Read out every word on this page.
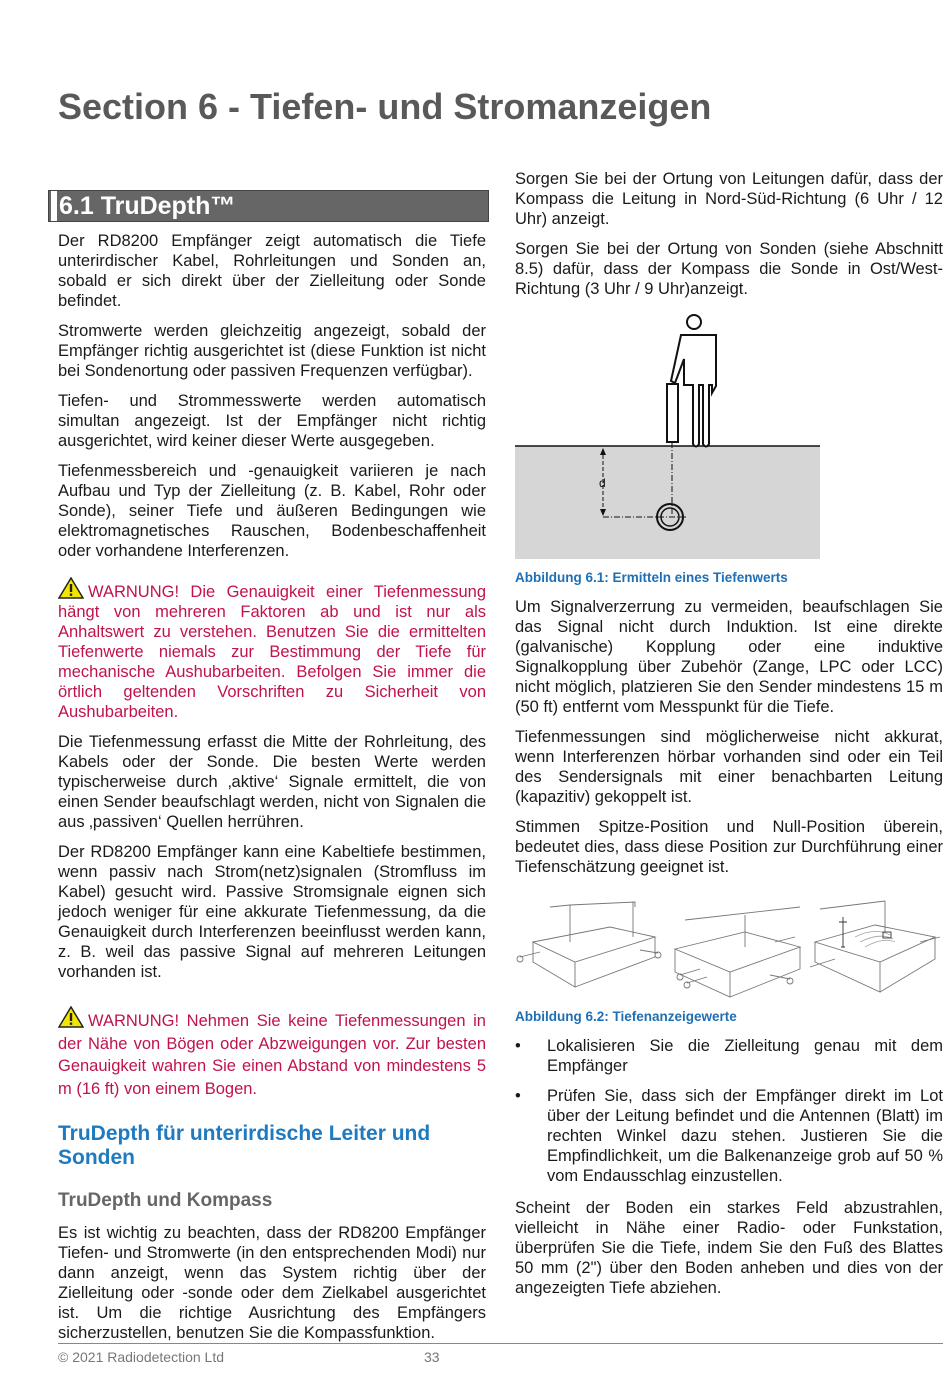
Section 6 - Tiefen- und Stromanzeigen
6.1 TruDepth™

Der RD8200 Empfänger zeigt automatisch die Tiefe unterirdischer Kabel, Rohrleitungen und Sonden an, sobald er sich direkt über der Zielleitung oder Sonde befindet.

Stromwerte werden gleichzeitig angezeigt, sobald der Empfänger richtig ausgerichtet ist (diese Funktion ist nicht bei Sondenortung oder passiven Frequenzen verfügbar).

Tiefen- und Strommesswerte werden automatisch simultan angezeigt. Ist der Empfänger nicht richtig ausgerichtet, wird keiner dieser Werte ausgegeben.

Tiefenmessbereich und -genauigkeit variieren je nach Aufbau und Typ der Zielleitung (z. B. Kabel, Rohr oder Sonde), seiner Tiefe und äußeren Bedingungen wie elektromagnetisches Rauschen, Bodenbeschaffenheit oder vorhandene Interferenzen.

WARNUNG! Die Genauigkeit einer Tiefenmessung hängt von mehreren Faktoren ab und ist nur als Anhaltswert zu verstehen. Benutzen Sie die ermittelten Tiefenwerte niemals zur Bestimmung der Tiefe für mechanische Aushubarbeiten. Befolgen Sie immer die örtlich geltenden Vorschriften zu Sicherheit von Aushubarbeiten.

Die Tiefenmessung erfasst die Mitte der Rohrleitung, des Kabels oder der Sonde. Die besten Werte werden typischerweise durch ‚aktive‘ Signale ermittelt, die von einen Sender beaufschlagt werden, nicht von Signalen die aus ‚passiven‘ Quellen herrühren.

Der RD8200 Empfänger kann eine Kabeltiefe bestimmen, wenn passiv nach Strom(netz)signalen (Stromfluss im Kabel) gesucht wird. Passive Stromsignale eignen sich jedoch weniger für eine akkurate Tiefenmessung, da die Genauigkeit durch Interferenzen beeinflusst werden kann, z. B. weil das passive Signal auf mehreren Leitungen vorhanden ist.

WARNUNG! Nehmen Sie keine Tiefenmessungen in der Nähe von Bögen oder Abzweigungen vor. Zur besten Genauigkeit wahren Sie einen Abstand von mindestens 5 m (16 ft) von einem Bogen.
TruDepth für unterirdische Leiter und Sonden
TruDepth und Kompass

Es ist wichtig zu beachten, dass der RD8200 Empfänger Tiefen- und Stromwerte (in den entsprechenden Modi) nur dann anzeigt, wenn das System richtig über der Zielleitung oder -sonde oder dem Zielkabel ausgerichtet ist. Um die richtige Ausrichtung des Empfängers sicherzustellen, benutzen Sie die Kompassfunktion.

Sorgen Sie bei der Ortung von Leitungen dafür, dass der Kompass die Leitung in Nord-Süd-Richtung (6 Uhr / 12 Uhr) anzeigt.

Sorgen Sie bei der Ortung von Sonden (siehe Abschnitt 8.5) dafür, dass der Kompass die Sonde in Ost/West-Richtung (3 Uhr / 9 Uhr)anzeigt.

d
Abbildung 6.1: Ermitteln eines Tiefenwerts

Um Signalverzerrung zu vermeiden, beaufschlagen Sie das Signal nicht durch Induktion. Ist eine direkte (galvanische) Kopplung oder eine induktive Signalkopplung über Zubehör (Zange, LPC oder LCC) nicht möglich, platzieren Sie den Sender mindestens 15 m (50 ft) entfernt vom Messpunkt für die Tiefe.

Tiefenmessungen sind möglicherweise nicht akkurat, wenn Interferenzen hörbar vorhanden sind oder ein Teil des Sendersignals mit einer benachbarten Leitung (kapazitiv) gekoppelt ist.

Stimmen Spitze-Position und Null-Position überein, bedeutet dies, dass diese Position zur Durchführung einer Tiefenschätzung geeignet ist.

Abbildung 6.2: Tiefenanzeigewerte
• Lokalisieren Sie die Zielleitung genau mit dem Empfänger
• Prüfen Sie, dass sich der Empfänger direkt im Lot über der Leitung befindet und die Antennen (Blatt) im rechten Winkel dazu stehen. Justieren Sie die Empfindlichkeit, um die Balkenanzeige grob auf 50 % vom Endausschlag einzustellen.

Scheint der Boden ein starkes Feld abzustrahlen, vielleicht in Nähe einer Radio- oder Funkstation, überprüfen Sie die Tiefe, indem Sie den Fuß des Blattes 50 mm (2") über den Boden anheben und dies von der angezeigten Tiefe abziehen.

© 2021 Radiodetection Ltd	33
